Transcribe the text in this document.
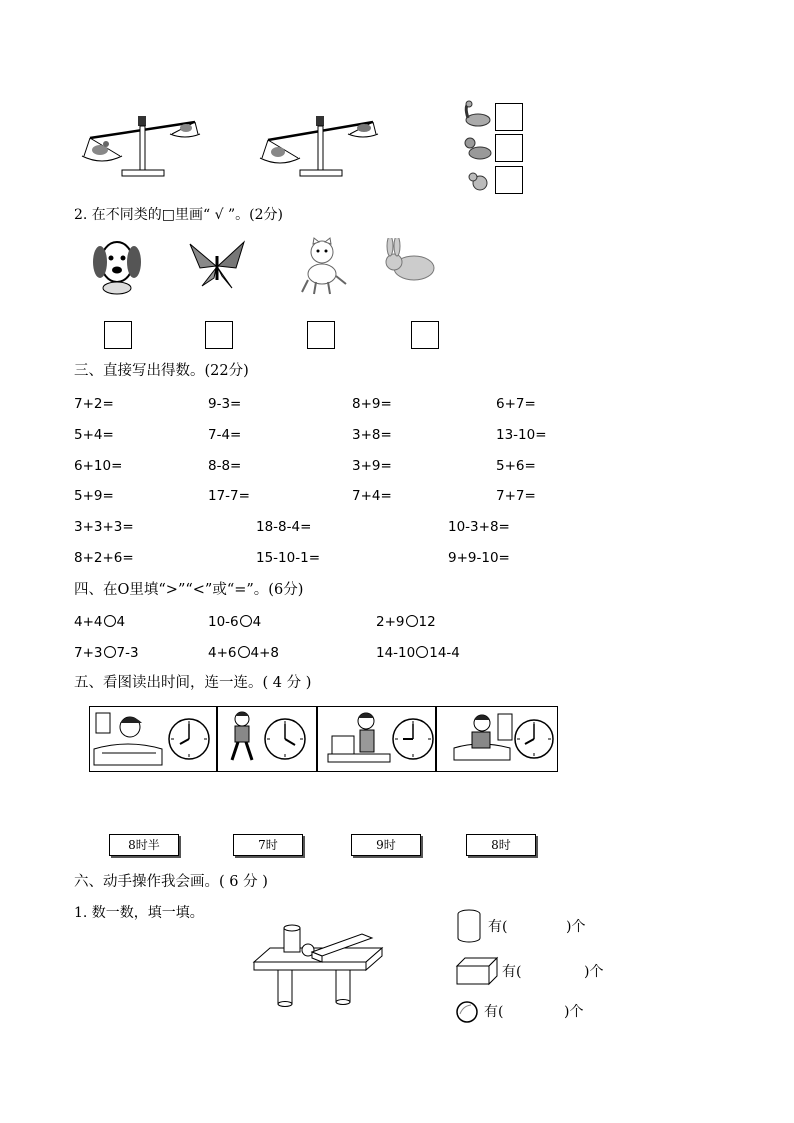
2. 在不同类的□里画“ √ ”。(2分)
三、直接写出得数。(22分)
7+2=	9-3=	8+9=	6+7=
5+4=	7-4=	3+8=	13-10=
6+10=	8-8=	3+9=	5+6=
5+9=	17-7=	7+4=	7+7=
3+3+3=	18-8-4=	10-3+8=
8+2+6=	15-10-1=	9+9-10=
四、在O里填“>”“<”或“=”。(6分)
4+4 4	10-6 4	2+9 12
7+3 7-3	4+6 4+8	14-10 14-4
五、看图读出时间，连一连。( 4 分 )
8时半	7时	9时	8时
六、动手操作我会画。( 6 分 )
1. 数一数，填一填。
有(	)个
有(	)个
有(	)个
